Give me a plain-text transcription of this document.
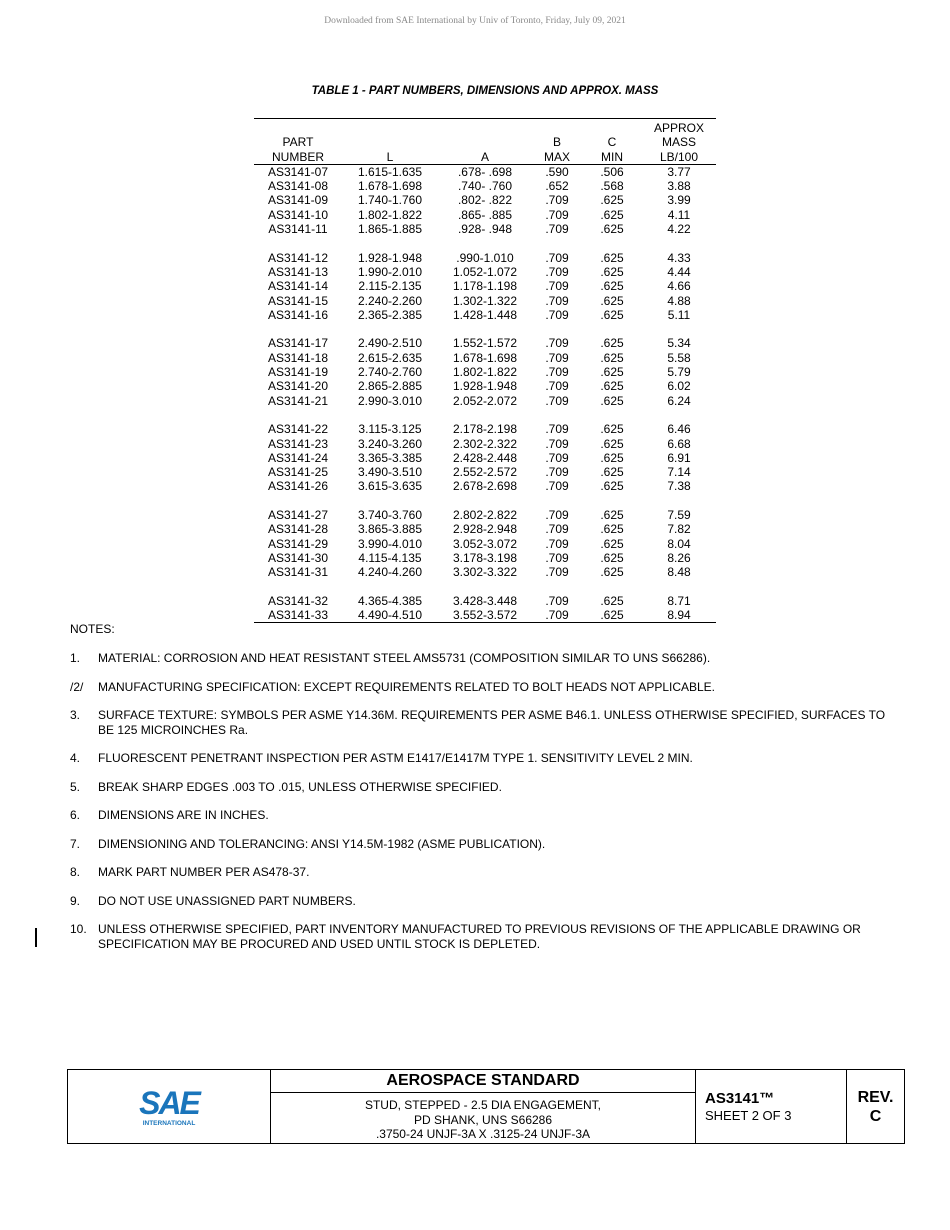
Downloaded from SAE International by Univ of Toronto, Friday, July 09, 2021
TABLE 1 - PART NUMBERS, DIMENSIONS AND APPROX. MASS
					APPROX
PART			B	C	MASS
NUMBER	L	A	MAX	MIN	LB/100
AS3141-07	1.615-1.635	.678- .698	.590	.506	3.77
AS3141-08	1.678-1.698	.740- .760	.652	.568	3.88
AS3141-09	1.740-1.760	.802- .822	.709	.625	3.99
AS3141-10	1.802-1.822	.865- .885	.709	.625	4.11
AS3141-11	1.865-1.885	.928- .948	.709	.625	4.22

AS3141-12	1.928-1.948	.990-1.010	.709	.625	4.33
AS3141-13	1.990-2.010	1.052-1.072	.709	.625	4.44
AS3141-14	2.115-2.135	1.178-1.198	.709	.625	4.66
AS3141-15	2.240-2.260	1.302-1.322	.709	.625	4.88
AS3141-16	2.365-2.385	1.428-1.448	.709	.625	5.11

AS3141-17	2.490-2.510	1.552-1.572	.709	.625	5.34
AS3141-18	2.615-2.635	1.678-1.698	.709	.625	5.58
AS3141-19	2.740-2.760	1.802-1.822	.709	.625	5.79
AS3141-20	2.865-2.885	1.928-1.948	.709	.625	6.02
AS3141-21	2.990-3.010	2.052-2.072	.709	.625	6.24

AS3141-22	3.115-3.125	2.178-2.198	.709	.625	6.46
AS3141-23	3.240-3.260	2.302-2.322	.709	.625	6.68
AS3141-24	3.365-3.385	2.428-2.448	.709	.625	6.91
AS3141-25	3.490-3.510	2.552-2.572	.709	.625	7.14
AS3141-26	3.615-3.635	2.678-2.698	.709	.625	7.38

AS3141-27	3.740-3.760	2.802-2.822	.709	.625	7.59
AS3141-28	3.865-3.885	2.928-2.948	.709	.625	7.82
AS3141-29	3.990-4.010	3.052-3.072	.709	.625	8.04
AS3141-30	4.115-4.135	3.178-3.198	.709	.625	8.26
AS3141-31	4.240-4.260	3.302-3.322	.709	.625	8.48

AS3141-32	4.365-4.385	3.428-3.448	.709	.625	8.71
AS3141-33	4.490-4.510	3.552-3.572	.709	.625	8.94
NOTES:
1.	MATERIAL: CORROSION AND HEAT RESISTANT STEEL AMS5731 (COMPOSITION SIMILAR TO UNS S66286).
/2/	MANUFACTURING SPECIFICATION: EXCEPT REQUIREMENTS RELATED TO BOLT HEADS NOT APPLICABLE.
3.	SURFACE TEXTURE: SYMBOLS PER ASME Y14.36M. REQUIREMENTS PER ASME B46.1. UNLESS OTHERWISE SPECIFIED, SURFACES TO BE 125 MICROINCHES Ra.
4.	FLUORESCENT PENETRANT INSPECTION PER ASTM E1417/E1417M TYPE 1. SENSITIVITY LEVEL 2 MIN.
5.	BREAK SHARP EDGES .003 TO .015, UNLESS OTHERWISE SPECIFIED.
6.	DIMENSIONS ARE IN INCHES.
7.	DIMENSIONING AND TOLERANCING: ANSI Y14.5M-1982 (ASME PUBLICATION).
8.	MARK PART NUMBER PER AS478-37.
9.	DO NOT USE UNASSIGNED PART NUMBERS.
10. UNLESS OTHERWISE SPECIFIED, PART INVENTORY MANUFACTURED TO PREVIOUS REVISIONS OF THE APPLICABLE DRAWING OR SPECIFICATION MAY BE PROCURED AND USED UNTIL STOCK IS DEPLETED.
SAE
INTERNATIONAL
AEROSPACE STANDARD
STUD, STEPPED - 2.5 DIA ENGAGEMENT,
PD SHANK, UNS S66286
.3750-24 UNJF-3A X .3125-24 UNJF-3A
AS3141™
SHEET 2 OF 3
REV.
C
